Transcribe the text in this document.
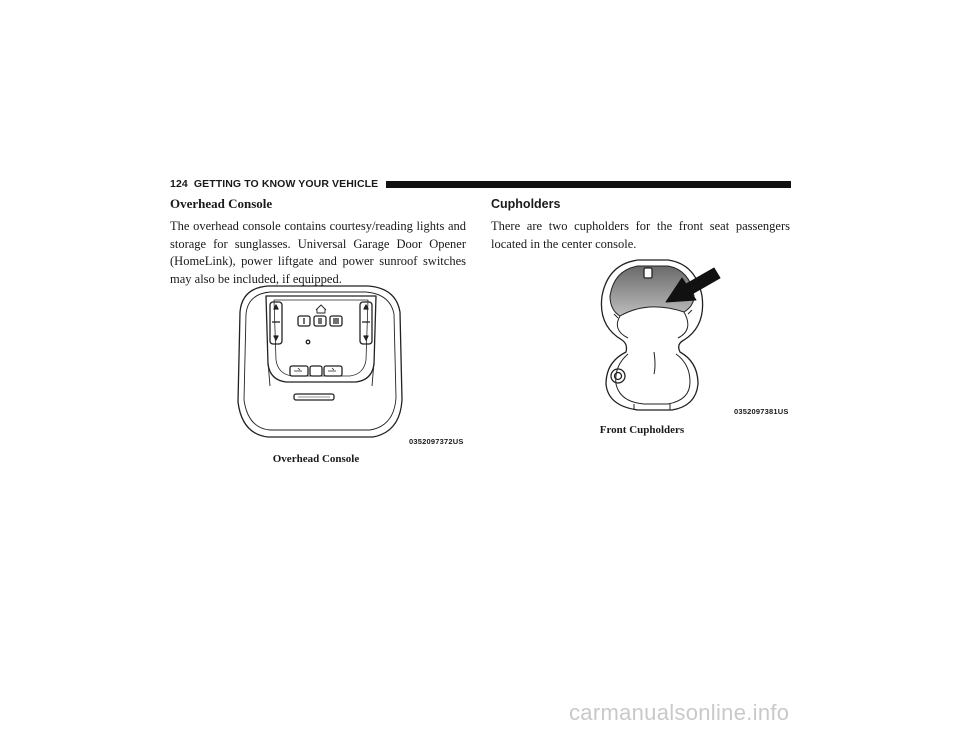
124 GETTING TO KNOW YOUR VEHICLE
Overhead Console

The overhead console contains courtesy/reading lights and storage for sunglasses. Universal Garage Door Opener (HomeLink), power liftgate and power sunroof switches may also be included, if equipped.

0352097372US
Overhead Console
Cupholders

There are two cupholders for the front seat passengers located in the center console.

0352097381US
Front Cupholders
carmanualsonline.info
